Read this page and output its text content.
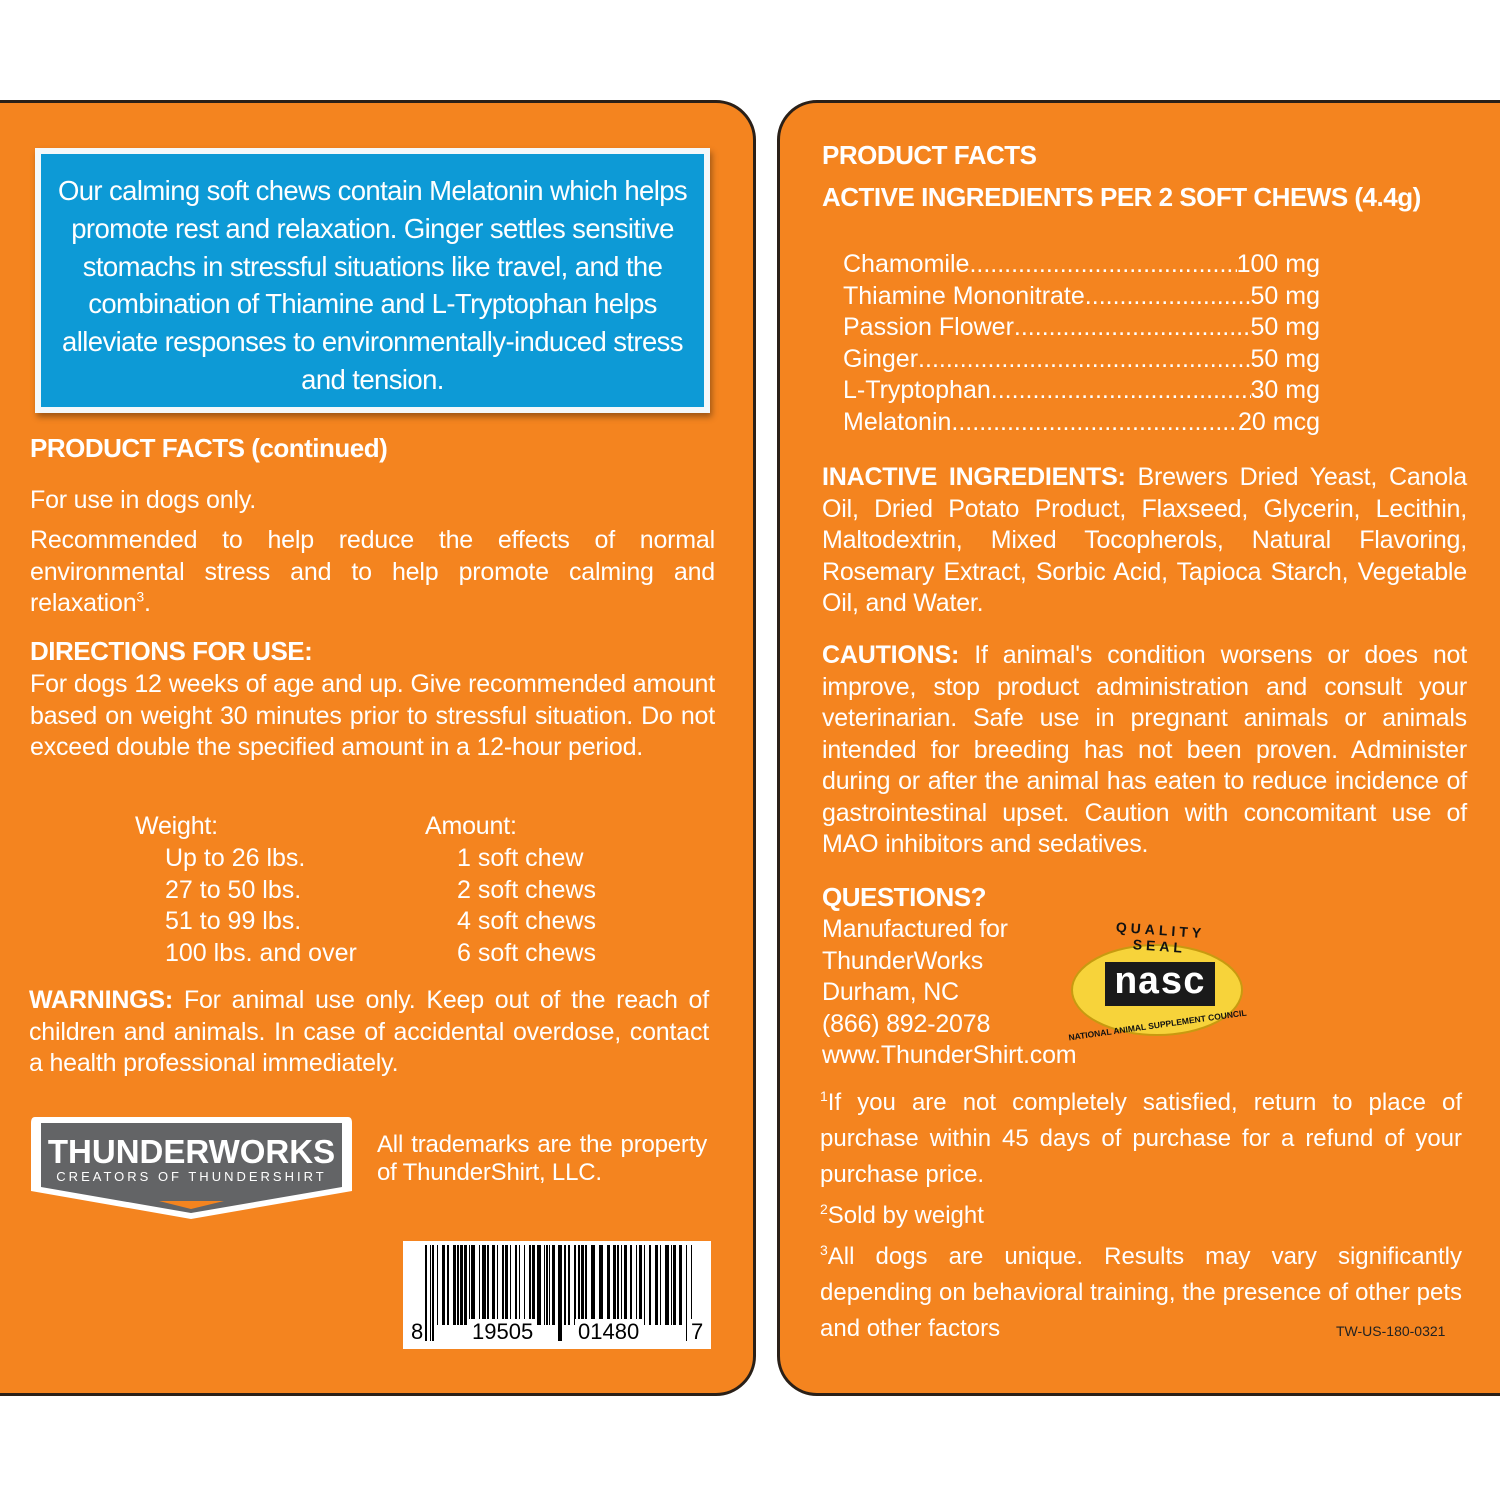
Our calming soft chews contain Melatonin which helps promote rest and relaxation. Ginger settles sensitive stomachs in stressful situations like travel, and the combination of Thiamine and L-Tryptophan helps alleviate responses to environmentally-induced stress and tension.
PRODUCT FACTS (continued)
For use in dogs only.
Recommended to help reduce the effects of normal environmental stress and to help promote calming and relaxation$^3$.
DIRECTIONS FOR USE:
For dogs 12 weeks of age and up. Give recommended amount based on weight 30 minutes prior to stressful situation. Do not exceed double the specified amount in a 12-hour period.
Weight:	Amount:
Up to 26 lbs.	1 soft chew
27 to 50 lbs.	2 soft chews
51 to 99 lbs.	4 soft chews
100 lbs. and over	6 soft chews
WARNINGS: For animal use only. Keep out of the reach of children and animals. In case of accidental overdose, contact a health professional immediately.
THUNDERWORKS
CREATORS OF THUNDERSHIRT
All trademarks are the property of ThunderShirt, LLC.
8 19505 01480 7
PRODUCT FACTS
ACTIVE INGREDIENTS PER 2 SOFT CHEWS (4.4g)
Chamomile .....	100 mg
Thiamine Mononitrate .....	50 mg
Passion Flower .....	50 mg
Ginger .....	50 mg
L-Tryptophan .....	30 mg
Melatonin .....	20 mcg
INACTIVE INGREDIENTS: Brewers Dried Yeast, Canola Oil, Dried Potato Product, Flaxseed, Glycerin, Lecithin, Maltodextrin, Mixed Tocopherols, Natural Flavoring, Rosemary Extract, Sorbic Acid, Tapioca Starch, Vegetable Oil, and Water.
CAUTIONS: If animal's condition worsens or does not improve, stop product administration and consult your veterinarian. Safe use in pregnant animals or animals intended for breeding has not been proven. Administer during or after the animal has eaten to reduce incidence of gastrointestinal upset. Caution with concomitant use of MAO inhibitors and sedatives.
QUESTIONS?
Manufactured for
ThunderWorks
Durham, NC
(866) 892-2078
www.ThunderShirt.com
QUALITY SEAL
nasc
NATIONAL ANIMAL SUPPLEMENT COUNCIL
$^1$If you are not completely satisfied, return to place of purchase within 45 days of purchase for a refund of your purchase price.
$^2$Sold by weight
$^3$All dogs are unique. Results may vary significantly depending on behavioral training, the presence of other pets and other factors	TW-US-180-0321
